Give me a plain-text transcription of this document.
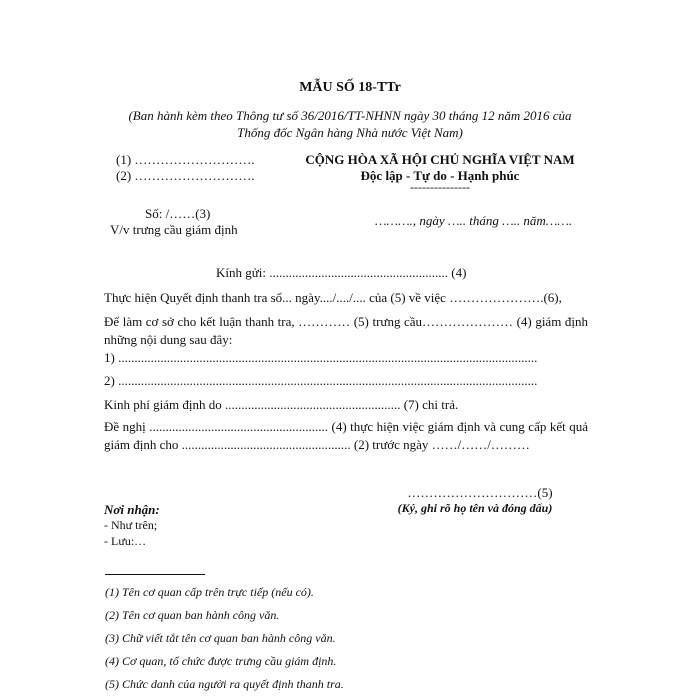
MẪU SỐ 18-TTr
(Ban hành kèm theo Thông tư số 36/2016/TT-NHNN ngày 30 tháng 12 năm 2016 của
Thống đốc Ngân hàng Nhà nước Việt Nam)
(1) ……………………….
(2) ……………………….
CỘNG HÒA XÃ HỘI CHỦ NGHĨA VIỆT NAM
Độc lập - Tự do - Hạnh phúc
---------------
Số: /……(3)
V/v trưng cầu giám định
………., ngày ….. tháng ….. năm…….
Kính gửi: ....................................................... (4)
Thực hiện Quyết định thanh tra số... ngày..../..../.... của (5) về việc ………………….(6),
Để làm cơ sở cho kết luận thanh tra, ………… (5) trưng cầu………………… (4) giám định những nội dung sau đây:
1) .................................................................................................................................
2) .................................................................................................................................
Kinh phí giám định do ...................................................... (7) chi trả.
Đề nghị ....................................................... (4) thực hiện việc giám định và cung cấp kết quả giám định cho .................................................... (2) trước ngày ……/……/………
…………………………(5)
(Ký, ghi rõ họ tên và đóng dấu)
Nơi nhận:
- Như trên;
- Lưu:…
(1) Tên cơ quan cấp trên trực tiếp (nếu có).
(2) Tên cơ quan ban hành công văn.
(3) Chữ viết tắt tên cơ quan ban hành công văn.
(4) Cơ quan, tổ chức được trưng cầu giám định.
(5) Chức danh của người ra quyết định thanh tra.
